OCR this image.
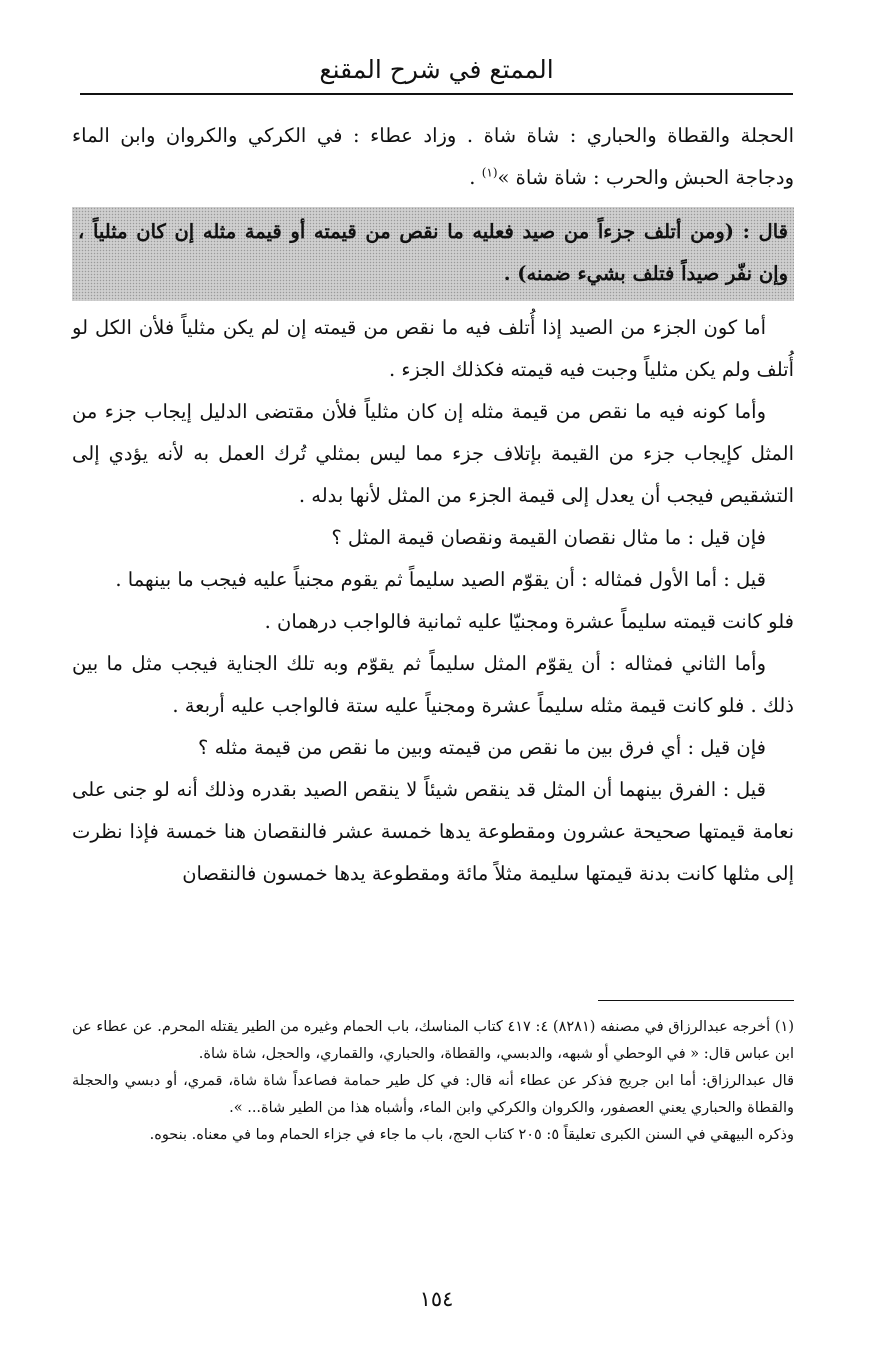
الممتع في شرح المقنع

الحجلة والقطاة والحباري : شاة شاة . وزاد عطاء : في الكركي والكروان وابن الماء ودجاجة الحبش والحرب : شاة شاة »$^{(١)}$ .

قال : (ومن أتلف جزءاً من صيد فعليه ما نقص من قيمته أو قيمة مثله إن كان مثلياً ، وإن نفّر صيداً فتلف بشيء ضمنه) .

أما كون الجزء من الصيد إذا أُتلف فيه ما نقص من قيمته إن لم يكن مثلياً فلأن الكل لو أُتلف ولم يكن مثلياً وجبت فيه قيمته فكذلك الجزء .

وأما كونه فيه ما نقص من قيمة مثله إن كان مثلياً فلأن مقتضى الدليل إيجاب جزء من المثل كإيجاب جزء من القيمة بإتلاف جزء مما ليس بمثلي تُرك العمل به لأنه يؤدي إلى التشقيص فيجب أن يعدل إلى قيمة الجزء من المثل لأنها بدله .

فإن قيل : ما مثال نقصان القيمة ونقصان قيمة المثل ؟

قيل : أما الأول فمثاله : أن يقوّم الصيد سليماً ثم يقوم مجنياً عليه فيجب ما بينهما .

فلو كانت قيمته سليماً عشرة ومجنيّا عليه ثمانية فالواجب درهمان .

وأما الثاني فمثاله : أن يقوّم المثل سليماً ثم يقوّم وبه تلك الجناية فيجب مثل ما بين ذلك . فلو كانت قيمة مثله سليماً عشرة ومجنياً عليه ستة فالواجب عليه أربعة .

فإن قيل : أي فرق بين ما نقص من قيمته وبين ما نقص من قيمة مثله ؟

قيل : الفرق بينهما أن المثل قد ينقص شيئاً لا ينقص الصيد بقدره وذلك أنه لو جنى على نعامة قيمتها صحيحة عشرون ومقطوعة يدها خمسة عشر فالنقصان هنا خمسة فإذا نظرت إلى مثلها كانت بدنة قيمتها سليمة مثلاً مائة ومقطوعة يدها خمسون فالنقصان

(١) أخرجه عبدالرزاق في مصنفه (٨٢٨١) ٤: ٤١٧ كتاب المناسك، باب الحمام وغيره من الطير يقتله المحرم. عن عطاء عن ابن عباس قال: « في الوحطي أو شبهه، والدبسي، والقطاة، والحباري، والقماري، والحجل، شاة شاة.

قال عبدالرزاق: أما ابن جريج فذكر عن عطاء أنه قال: في كل طير حمامة فصاعداً شاة شاة، قمري، أو دبسي والحجلة والقطاة والحباري يعني العصفور، والكروان والكركي وابن الماء، وأشباه هذا من الطير شاة... ».

وذكره البيهقي في السنن الكبرى تعليقاً ٥: ٢٠٥ كتاب الحج، باب ما جاء في جزاء الحمام وما في معناه. بنحوه.

١٥٤
